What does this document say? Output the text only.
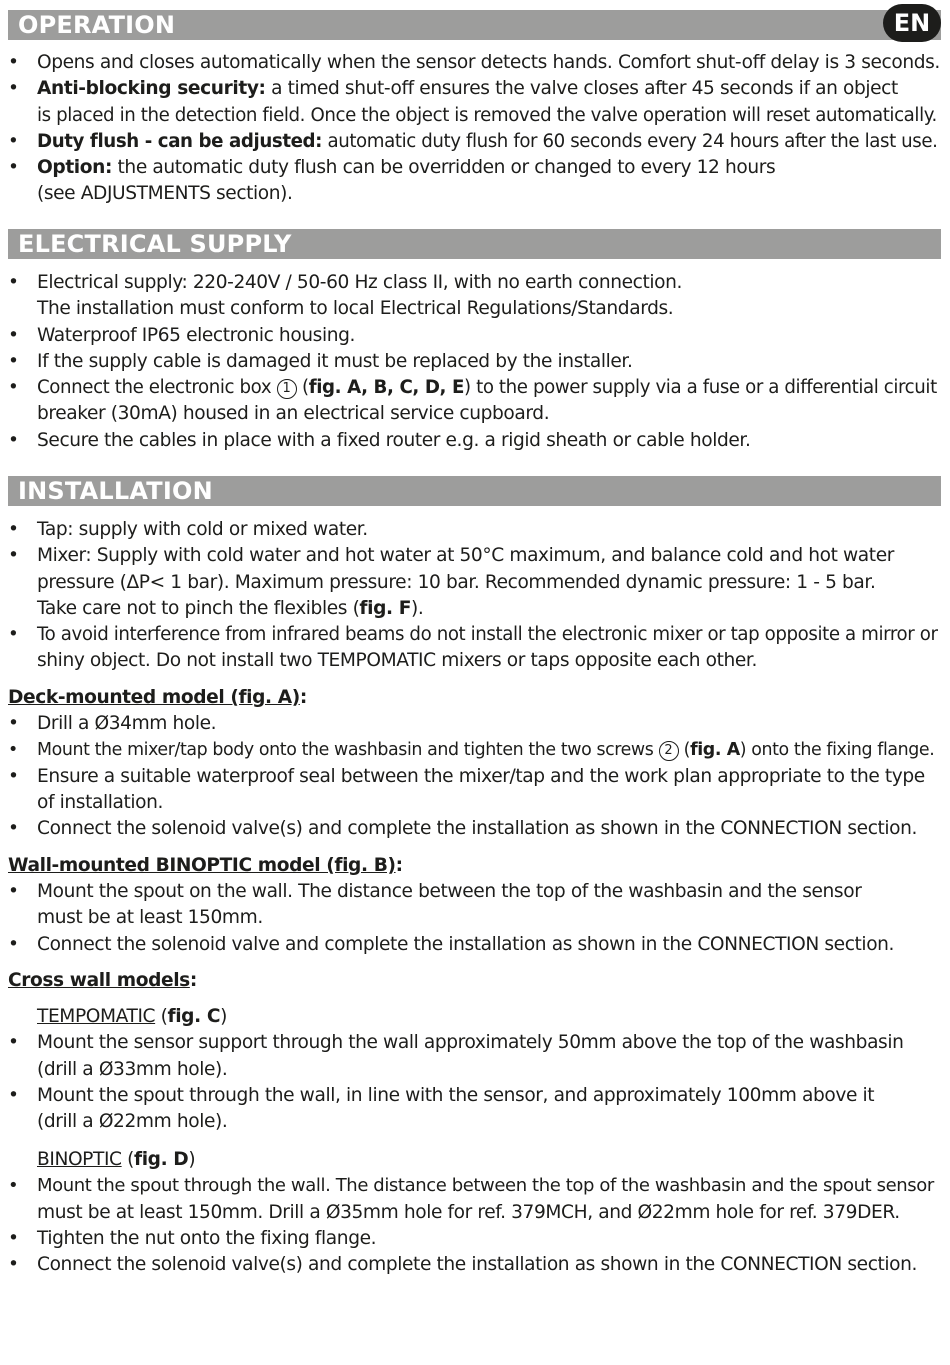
OPERATION	EN
• Opens and closes automatically when the sensor detects hands. Comfort shut-off delay is 3 seconds.
• Anti-blocking security: a timed shut-off ensures the valve closes after 45 seconds if an object
is placed in the detection field. Once the object is removed the valve operation will reset automatically.
• Duty flush - can be adjusted: automatic duty flush for 60 seconds every 24 hours after the last use.
• Option: the automatic duty flush can be overridden or changed to every 12 hours
(see ADJUSTMENTS section).
ELECTRICAL SUPPLY
• Electrical supply: 220-240V / 50-60 Hz class II, with no earth connection.
The installation must conform to local Electrical Regulations/Standards.
• Waterproof IP65 electronic housing.
• If the supply cable is damaged it must be replaced by the installer.
• Connect the electronic box 1 (fig. A, B, C, D, E) to the power supply via a fuse or a differential circuit
breaker (30mA) housed in an electrical service cupboard.
• Secure the cables in place with a fixed router e.g. a rigid sheath or cable holder.
INSTALLATION
• Tap: supply with cold or mixed water.
• Mixer: Supply with cold water and hot water at 50°C maximum, and balance cold and hot water
pressure (ΔP< 1 bar). Maximum pressure: 10 bar. Recommended dynamic pressure: 1 - 5 bar.
Take care not to pinch the flexibles (fig. F).
• To avoid interference from infrared beams do not install the electronic mixer or tap opposite a mirror or
shiny object. Do not install two TEMPOMATIC mixers or taps opposite each other.
Deck-mounted model (fig. A):
• Drill a Ø34mm hole.
• Mount the mixer/tap body onto the washbasin and tighten the two screws 2 (fig. A) onto the fixing flange.
• Ensure a suitable waterproof seal between the mixer/tap and the work plan appropriate to the type
of installation.
• Connect the solenoid valve(s) and complete the installation as shown in the CONNECTION section.
Wall-mounted BINOPTIC model (fig. B):
• Mount the spout on the wall. The distance between the top of the washbasin and the sensor
must be at least 150mm.
• Connect the solenoid valve and complete the installation as shown in the CONNECTION section.
Cross wall models:
TEMPOMATIC (fig. C)
• Mount the sensor support through the wall approximately 50mm above the top of the washbasin
(drill a Ø33mm hole).
• Mount the spout through the wall, in line with the sensor, and approximately 100mm above it
(drill a Ø22mm hole).
BINOPTIC (fig. D)
• Mount the spout through the wall. The distance between the top of the washbasin and the spout sensor
must be at least 150mm. Drill a Ø35mm hole for ref. 379MCH, and Ø22mm hole for ref. 379DER.
• Tighten the nut onto the fixing flange.
• Connect the solenoid valve(s) and complete the installation as shown in the CONNECTION section.
